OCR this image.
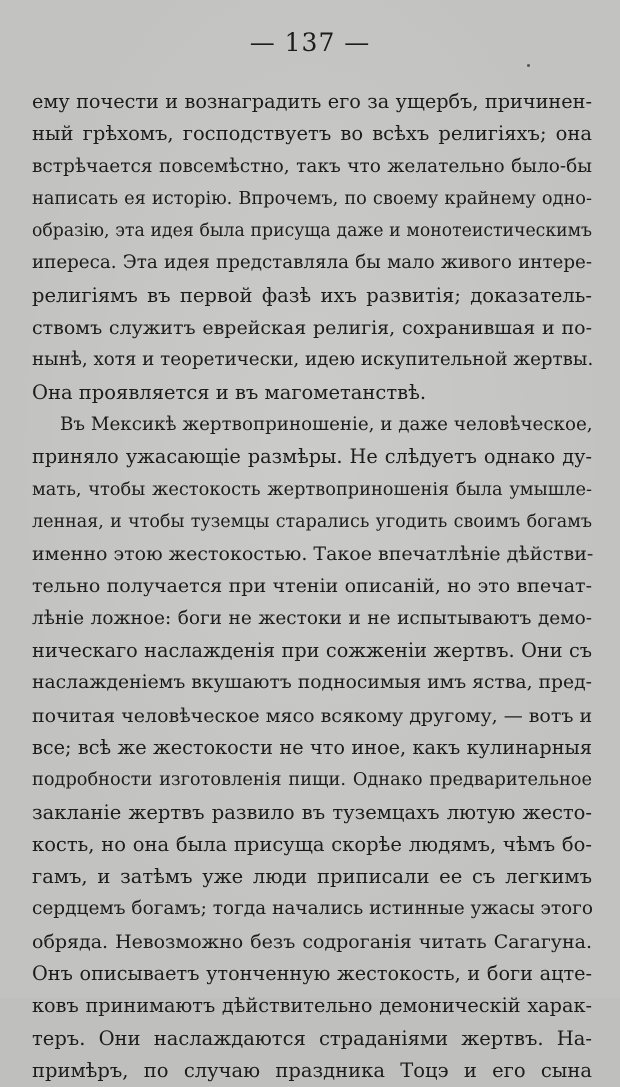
— 137 —
ему почести и вознаградить его за ущербъ, причинен-
ный грѣхомъ, господствуетъ во всѣхъ религіяхъ; она
встрѣчается повсемѣстно, такъ что желательно было-бы
написать ея исторію. Впрочемъ, по своему крайнему одно-
образію, эта идея была присуща даже и монотеистическимъ
ипереса. Эта идея представляла бы мало живого интере-
религіямъ въ первой фазѣ ихъ развитія; доказатель-
ствомъ служитъ еврейская религія, сохранившая и по-
нынѣ, хотя и теоретически, идею искупительной жертвы.
Она проявляется и въ магометанствѣ.
Въ Мексикѣ жертвоприношеніе, и даже человѣческое,
приняло ужасающіе размѣры. Не слѣдуетъ однако ду-
мать, чтобы жестокость жертвоприношенія была умышле-
ленная, и чтобы туземцы старались угодить своимъ богамъ
именно этою жестокостью. Такое впечатлѣніе дѣйстви-
тельно получается при чтеніи описаній, но это впечат-
лѣніе ложное: боги не жестоки и не испытываютъ демо-
ническаго наслажденія при сожженіи жертвъ. Они съ
наслажденіемъ вкушаютъ подносимыя имъ яства, пред-
почитая человѣческое мясо всякому другому, — вотъ и
все; всѣ же жестокости не что иное, какъ кулинарныя
подробности изготовленія пищи. Однако предварительное
закланіе жертвъ развило въ туземцахъ лютую жесто-
кость, но она была присуща скорѣе людямъ, чѣмъ бо-
гамъ, и затѣмъ уже люди приписали ее съ легкимъ
сердцемъ богамъ; тогда начались истинные ужасы этого
обряда. Невозможно безъ содроганія читать Сагагуна.
Онъ описываетъ утонченную жестокость, и боги ацте-
ковъ принимаютъ дѣйствительно демоническій харак-
теръ. Они наслаждаются страданіями жертвъ. На-
примѣръ, по случаю праздника Тоцэ и его сына
